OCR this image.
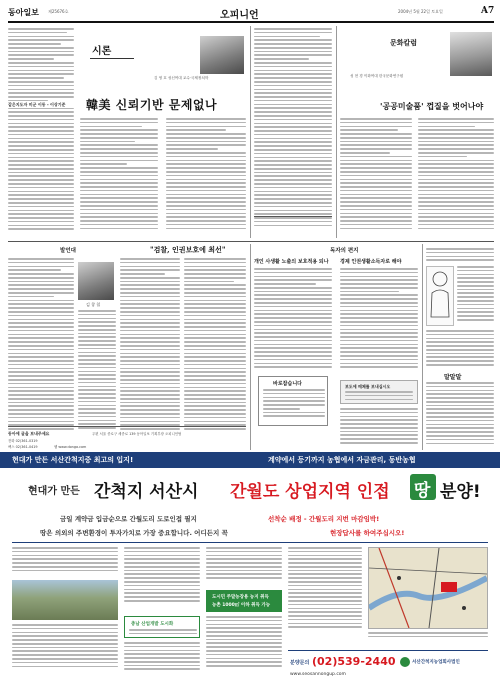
동아일보 제25676호	오피니언	2004년 5월 22일 토요일	A7
같은지도자 미군 이동 - 이상기준
시론
김 영 호 성신여대 교수·국제정치학
韓美 신뢰기반 문제없나
문화칼럼
성 현 경 이화여대 한국문화연구원
'공공미술품' 껍질을 벗어나야
발언대	"검찰, 인권보호에 최선"
김 창 철
동아에 글을 보내주세요
전화 02)361-0319
팩스 02)361-0419	웹 www.donga.com
우편 서울 종로구 세종로 139 동아일보 기획부장 오피니언팀
독자의 편지
개인 사생활 노출의 보호적용 되나
바로잡습니다
경제 인권생활소득자로 해야
보도에 매체를 보내십시오
말말말
현대가 만든 서산간척지중 최고의 입지!	계약에서 등기까지 농협에서 자금관리, 동반농협
현대가 만든 간척지 서산시 간월도 상업지역 인접 땅 분양!
금일 계약금 입금순으로 간월도리 도로인접 필지	선착순 배정 - 간월도리 지번 마감임박!
땅은 의외의 주변환경이 투자가치로 가장 중요합니다. 어디든지 꼭	현장답사를 하여주십시오!
충남 산업개발 도시화
도시민 주말농장용 농지 취득
농촌 1000㎡ 이하 취득 가능
분양문의 (02)539-2440
www.seosannongup.com
서산간척지농업회사법인
